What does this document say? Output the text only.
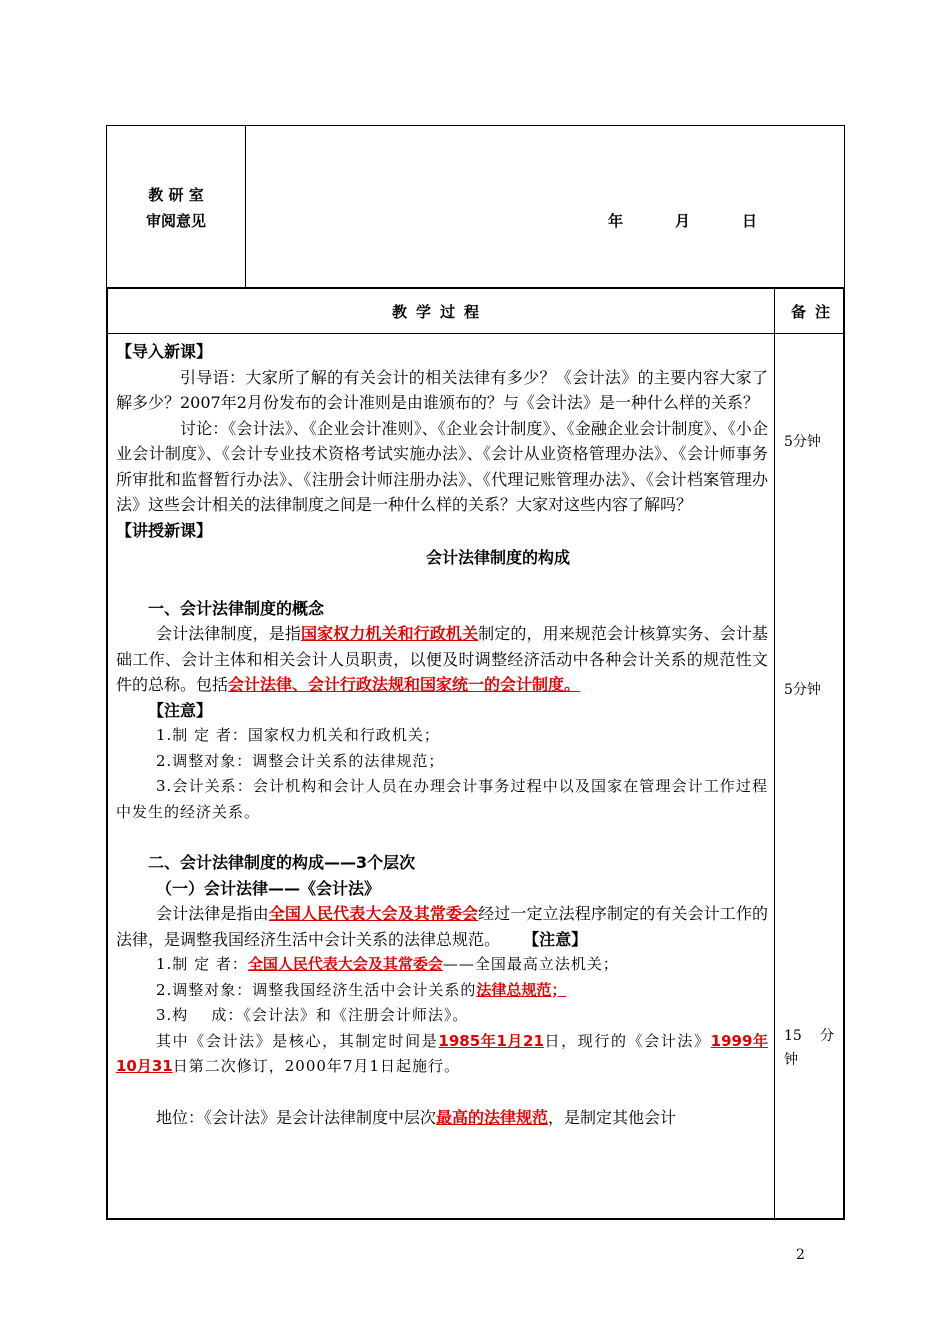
教 研 室
审阅意见	年	月	日
教学过程	备注

【导入新课】

引导语：大家所了解的有关会计的相关法律有多少？《会计法》的主要内容大家了解多少？2007年2月份发布的会计准则是由谁颁布的？与《会计法》是一种什么样的关系？

讨论：《会计法》、《企业会计准则》、《企业会计制度》、《金融企业会计制度》、《小企业会计制度》、《会计专业技术资格考试实施办法》、《会计从业资格管理办法》、《会计师事务所审批和监督暂行办法》、《注册会计师注册办法》、《代理记账管理办法》、《会计档案管理办法》这些会计相关的法律制度之间是一种什么样的关系？大家对这些内容了解吗？

【讲授新课】

会计法律制度的构成

一、会计法律制度的概念

会计法律制度，是指国家权力机关和行政机关制定的，用来规范会计核算实务、会计基础工作、会计主体和相关会计人员职责，以便及时调整经济活动中各种会计关系的规范性文件的总称。包括会计法律、会计行政法规和国家统一的会计制度。

【注意】

1.制 定 者：国家权力机关和行政机关；

2.调整对象：调整会计关系的法律规范；

3.会计关系：会计机构和会计人员在办理会计事务过程中以及国家在管理会计工作过程中发生的经济关系。

二、会计法律制度的构成——3个层次

（一）会计法律——《会计法》

会计法律是指由全国人民代表大会及其常委会经过一定立法程序制定的有关会计工作的法律，是调整我国经济生活中会计关系的法律总规范。 【注意】

1.制 定 者：全国人民代表大会及其常委会——全国最高立法机关；

2.调整对象：调整我国经济生活中会计关系的法律总规范；

3.构    成：《会计法》和《注册会计师法》。

其中《会计法》是核心，其制定时间是1985年1月21日，现行的《会计法》1999年10月31日第二次修订，2000年7月1日起施行。

地位：《会计法》是会计法律制度中层次最高的法律规范，是制定其他会计

5分钟
5分钟
15 分钟
2
